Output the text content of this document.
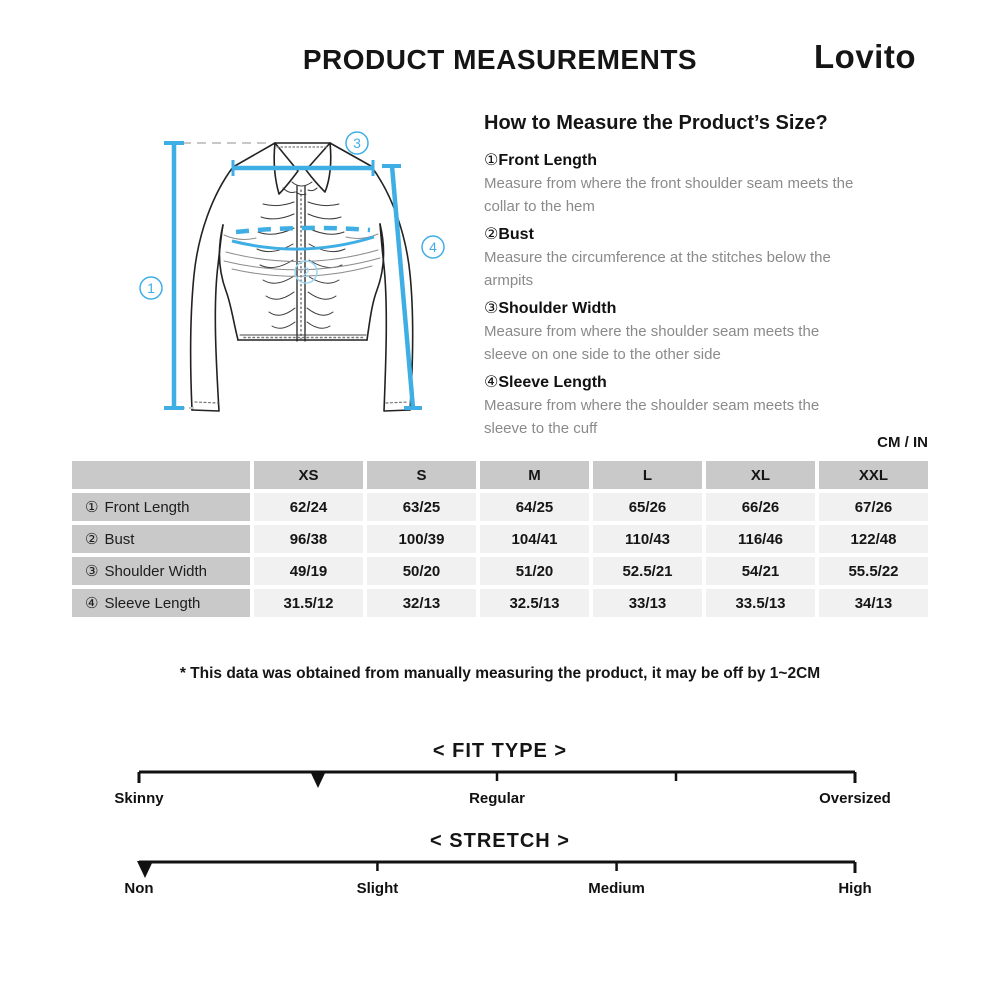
PRODUCT MEASUREMENTS	Lovito
1
2
3
4
How to Measure the Product’s Size?
①Front Length
Measure from where the front shoulder seam meets the
collar to the hem
②Bust
Measure the circumference at the stitches below the
armpits
③Shoulder Width
Measure from where the shoulder seam meets the
sleeve on one side to the other side
④Sleeve Length
Measure from where the shoulder seam meets the
sleeve to the cuff
CM / IN
XS	S	M	L	XL	XXL
① Front Length	62/24	63/25	64/25	65/26	66/26	67/26
② Bust	96/38	100/39	104/41	110/43	116/46	122/48
③ Shoulder Width	49/19	50/20	51/20	52.5/21	54/21	55.5/22
④ Sleeve Length	31.5/12	32/13	32.5/13	33/13	33.5/13	34/13
* This data was obtained from manually measuring the product, it may be off by 1~2CM
< FIT TYPE >
Skinny	Regular	Oversized
< STRETCH >
Non	Slight	Medium	High
